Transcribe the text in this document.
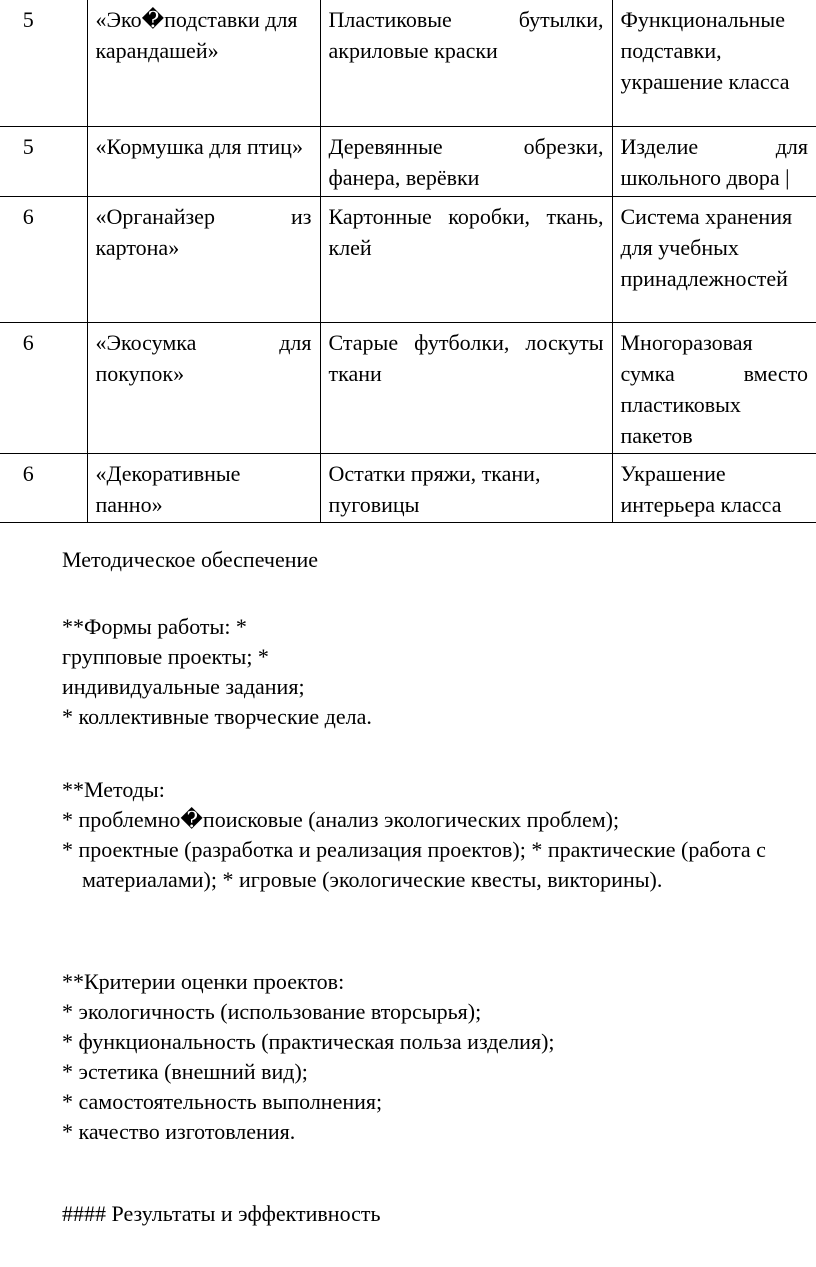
5	«Эко�подставки для карандашей»	Пластиковые бутылки, акриловые краски	Функциональные подставки, украшение класса
5	«Кормушка для птиц»	Деревянные обрезки, фанера, верёвки	Изделие для школьного двора |
6	«Органайзер из картона»	Картонные коробки, ткань, клей	Система хранения для учебных принадлежностей
6	«Экосумка для покупок»	Старые футболки, лоскуты ткани	Многоразовая сумка вместо пластиковых пакетов
6	«Декоративные панно»	Остатки пряжи, ткани, пуговицы	Украшение интерьера класса
Методическое обеспечение
**Формы работы: *
групповые проекты; *
индивидуальные задания;
* коллективные творческие дела.
**Методы:
* проблемно�поисковые (анализ экологических проблем);
* проектные (разработка и реализация проектов); * практические (работа с материалами); * игровые (экологические квесты, викторины).
**Критерии оценки проектов:
* экологичность (использование вторсырья);
* функциональность (практическая польза изделия);
* эстетика (внешний вид);
* самостоятельность выполнения;
* качество изготовления.
#### Результаты и эффективность
